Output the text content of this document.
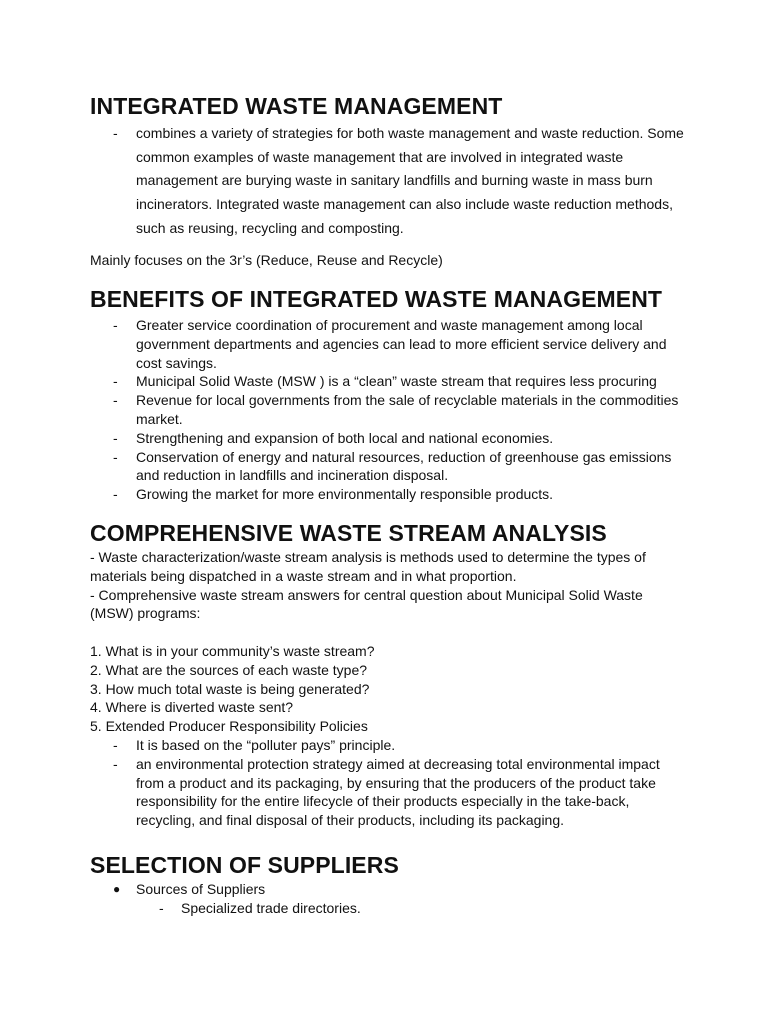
INTEGRATED WASTE MANAGEMENT
- combines a variety of strategies for both waste management and waste reduction. Some common examples of waste management that are involved in integrated waste management are burying waste in sanitary landfills and burning waste in mass burn incinerators. Integrated waste management can also include waste reduction methods, such as reusing, recycling and composting.

Mainly focuses on the 3r’s (Reduce, Reuse and Recycle)

BENEFITS OF INTEGRATED WASTE MANAGEMENT
- Greater service coordination of procurement and waste management among local government departments and agencies can lead to more efficient service delivery and cost savings.
- Municipal Solid Waste (MSW ) is a “clean” waste stream that requires less procuring
- Revenue for local governments from the sale of recyclable materials in the commodities market.
- Strengthening and expansion of both local and national economies.
- Conservation of energy and natural resources, reduction of greenhouse gas emissions and reduction in landfills and incineration disposal.
- Growing the market for more environmentally responsible products.
COMPREHENSIVE WASTE STREAM ANALYSIS

- Waste characterization/waste stream analysis is methods used to determine the types of materials being dispatched in a waste stream and in what proportion.

- Comprehensive waste stream answers for central question about Municipal Solid Waste (MSW) programs:

1. What is in your community’s waste stream?
2. What are the sources of each waste type?
3. How much total waste is being generated?
4. Where is diverted waste sent?
5. Extended Producer Responsibility Policies
- It is based on the “polluter pays” principle.
- an environmental protection strategy aimed at decreasing total environmental impact from a product and its packaging, by ensuring that the producers of the product take responsibility for the entire lifecycle of their products especially in the take-back, recycling, and final disposal of their products, including its packaging.
SELECTION OF SUPPLIERS
● Sources of Suppliers
- Specialized trade directories.
